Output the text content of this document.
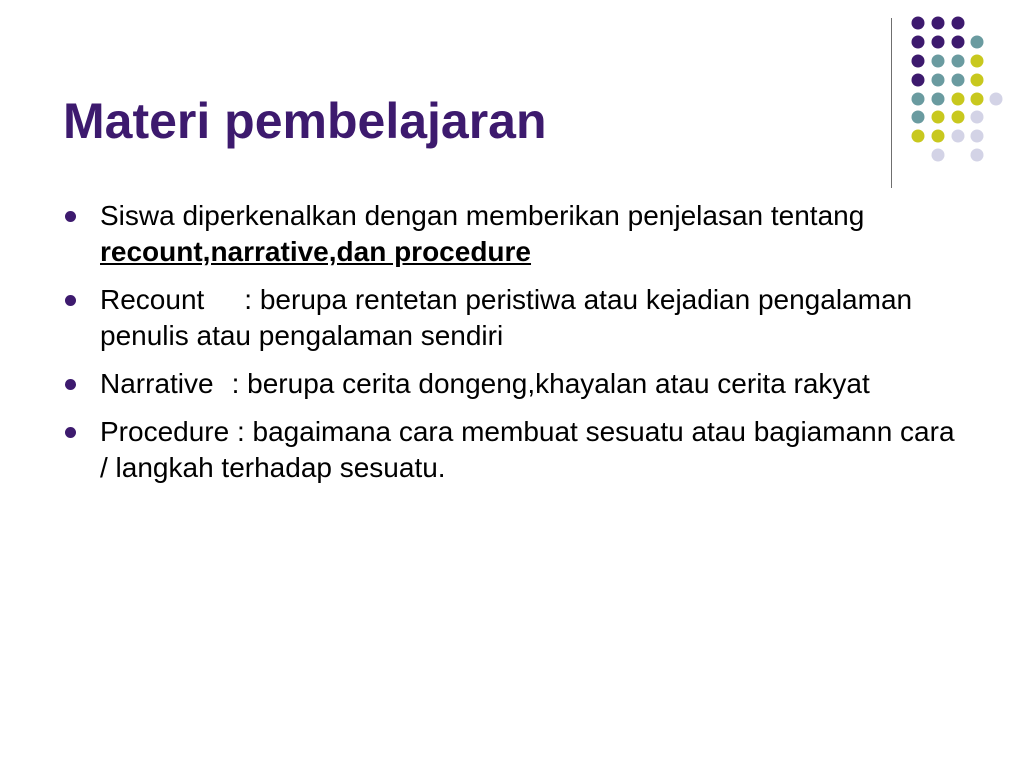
Materi pembelajaran
Siswa diperkenalkan dengan memberikan penjelasan tentang recount,narrative,dan procedure
Recount : berupa rentetan peristiwa atau kejadian pengalaman penulis atau pengalaman sendiri
Narrative : berupa cerita dongeng,khayalan atau cerita rakyat
Procedure : bagaimana cara membuat sesuatu atau bagiamann cara / langkah terhadap sesuatu.
